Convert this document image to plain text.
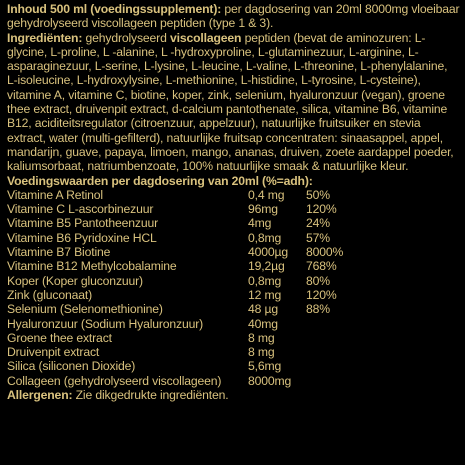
Inhoud 500 ml (voedingssupplement): per dagdosering van 20ml 8000mg vloeibaar gehydrolyseerd viscollageen peptiden (type 1 & 3).

Ingrediënten: gehydrolyseerd viscollageen peptiden (bevat de aminozuren: L-glycine, L-proline, L -alanine, L -hydroxyproline, L-glutaminezuur, L-arginine, L-asparaginezuur, L-serine, L-lysine, L-leucine, L-valine, L-threonine, L-phenylalanine, L-isoleucine, L-hydroxylysine, L-methionine, L-histidine, L-tyrosine, L-cysteine), vitamine A, vitamine C, biotine, koper, zink, selenium, hyaluronzuur (vegan), groene thee extract, druivenpit extract, d-calcium pantothenate, silica, vitamine B6, vitamine B12, aciditeitsregulator (citroenzuur, appelzuur), natuurlijke fruitsuiker en stevia extract, water (multi-gefilterd), natuurlijke fruitsap concentraten: sinaasappel, appel, mandarijn, guave, papaya, limoen, mango, ananas, druiven, zoete aardappel poeder, kaliumsorbaat, natriumbenzoate, 100% natuurlijke smaak & natuurlijke kleur.

Voedingswaarden per dagdosering van 20ml (%=adh):
Vitamine A Retinol	0,4 mg	50%
Vitamine C L-ascorbinezuur	96mg	120%
Vitamine B5 Pantotheenzuur	4mg	24%
Vitamine B6 Pyridoxine HCL	0,8mg	57%
Vitamine B7 Biotine	4000µg	8000%
Vitamine B12 Methylcobalamine	19,2µg	768%
Koper (Koper gluconzuur)	0,8mg	80%
Zink (gluconaat)	12 mg	120%
Selenium (Selenomethionine)	48 µg	88%
Hyaluronzuur (Sodium Hyaluronzuur)	40mg	
Groene thee extract	8 mg	
Druivenpit extract	8 mg	
Silica (siliconen Dioxide)	5,6mg	
Collageen (gehydrolyseerd viscollageen)	8000mg	

Allergenen: Zie dikgedrukte ingrediënten.
